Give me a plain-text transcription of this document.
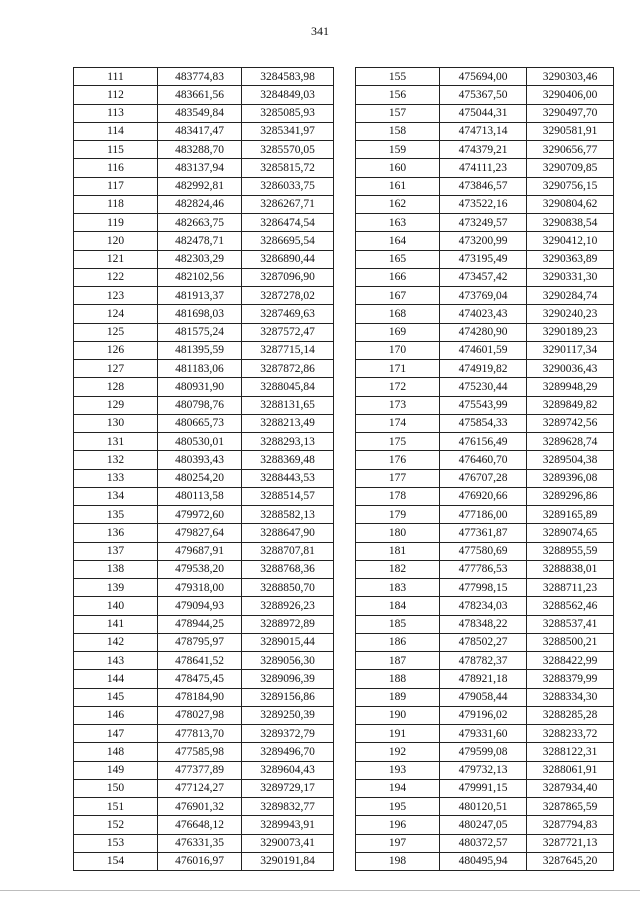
341
111	483774,83	3284583,98
112	483661,56	3284849,03
113	483549,84	3285085,93
114	483417,47	3285341,97
115	483288,70	3285570,05
116	483137,94	3285815,72
117	482992,81	3286033,75
118	482824,46	3286267,71
119	482663,75	3286474,54
120	482478,71	3286695,54
121	482303,29	3286890,44
122	482102,56	3287096,90
123	481913,37	3287278,02
124	481698,03	3287469,63
125	481575,24	3287572,47
126	481395,59	3287715,14
127	481183,06	3287872,86
128	480931,90	3288045,84
129	480798,76	3288131,65
130	480665,73	3288213,49
131	480530,01	3288293,13
132	480393,43	3288369,48
133	480254,20	3288443,53
134	480113,58	3288514,57
135	479972,60	3288582,13
136	479827,64	3288647,90
137	479687,91	3288707,81
138	479538,20	3288768,36
139	479318,00	3288850,70
140	479094,93	3288926,23
141	478944,25	3288972,89
142	478795,97	3289015,44
143	478641,52	3289056,30
144	478475,45	3289096,39
145	478184,90	3289156,86
146	478027,98	3289250,39
147	477813,70	3289372,79
148	477585,98	3289496,70
149	477377,89	3289604,43
150	477124,27	3289729,17
151	476901,32	3289832,77
152	476648,12	3289943,91
153	476331,35	3290073,41
154	476016,97	3290191,84
155	475694,00	3290303,46
156	475367,50	3290406,00
157	475044,31	3290497,70
158	474713,14	3290581,91
159	474379,21	3290656,77
160	474111,23	3290709,85
161	473846,57	3290756,15
162	473522,16	3290804,62
163	473249,57	3290838,54
164	473200,99	3290412,10
165	473195,49	3290363,89
166	473457,42	3290331,30
167	473769,04	3290284,74
168	474023,43	3290240,23
169	474280,90	3290189,23
170	474601,59	3290117,34
171	474919,82	3290036,43
172	475230,44	3289948,29
173	475543,99	3289849,82
174	475854,33	3289742,56
175	476156,49	3289628,74
176	476460,70	3289504,38
177	476707,28	3289396,08
178	476920,66	3289296,86
179	477186,00	3289165,89
180	477361,87	3289074,65
181	477580,69	3288955,59
182	477786,53	3288838,01
183	477998,15	3288711,23
184	478234,03	3288562,46
185	478348,22	3288537,41
186	478502,27	3288500,21
187	478782,37	3288422,99
188	478921,18	3288379,99
189	479058,44	3288334,30
190	479196,02	3288285,28
191	479331,60	3288233,72
192	479599,08	3288122,31
193	479732,13	3288061,91
194	479991,15	3287934,40
195	480120,51	3287865,59
196	480247,05	3287794,83
197	480372,57	3287721,13
198	480495,94	3287645,20
